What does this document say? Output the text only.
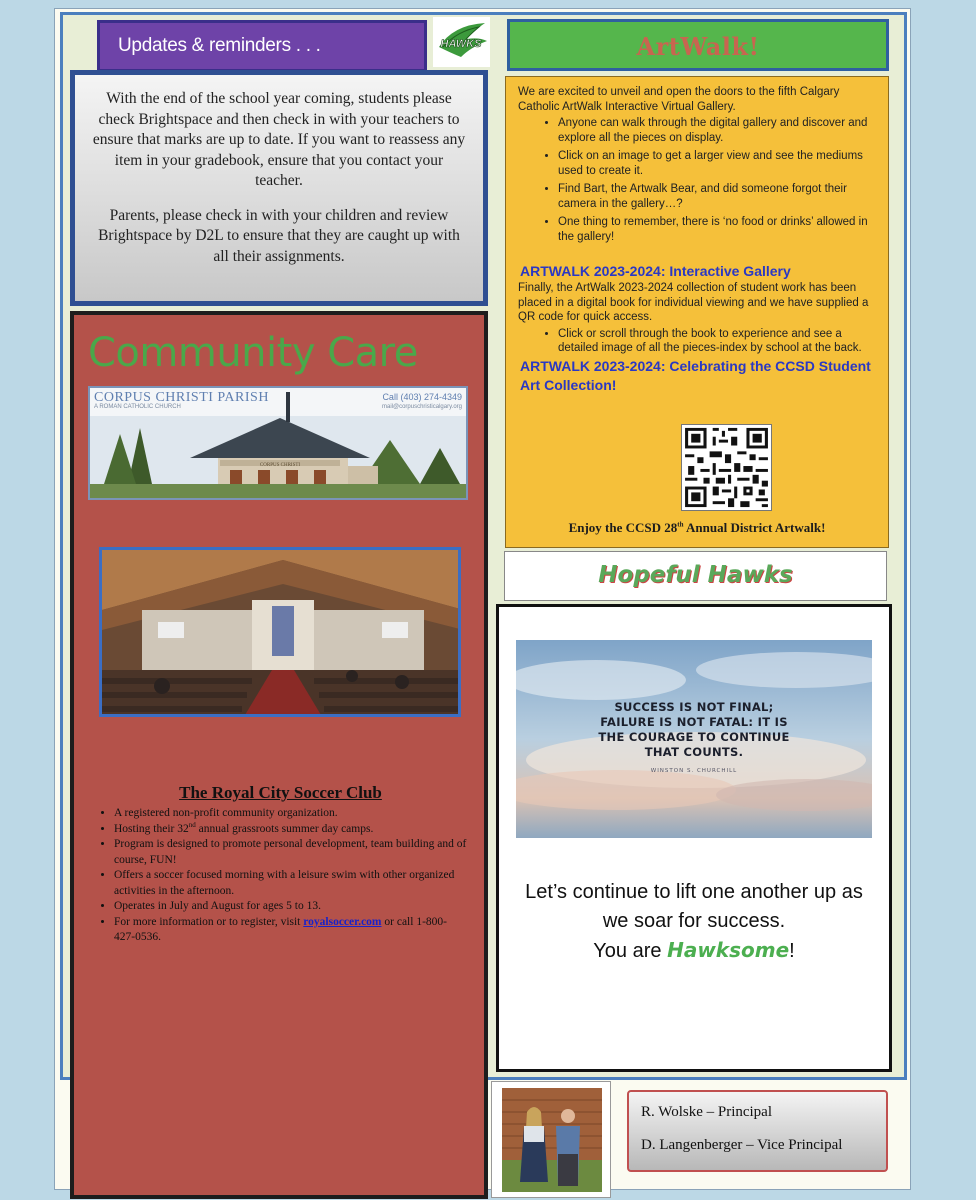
Updates & reminders . . .	HAWKS

With the end of the school year coming, students please check Brightspace and then check in with your teachers to ensure that marks are up to date. If you want to reassess any item in your gradebook, ensure that you contact your teacher.

Parents, please check in with your children and review Brightspace by D2L to ensure that they are caught up with all their assignments.

Community Care
CORPUS CHRISTI
CORPUS CHRISTI PARISH
A ROMAN CATHOLIC CHURCH
Call (403) 274-4349
mail@corpuschristicalgary.org
The Royal City Soccer Club
• A registered non-profit community organization.
• Hosting their 32nd annual grassroots summer day camps.
• Program is designed to promote personal development, team building and of course, FUN!
• Offers a soccer focused morning with a leisure swim with other organized activities in the afternoon.
• Operates in July and August for ages 5 to 13.
• For more information or to register, visit royalsoccer.com or call 1-800-427-0536.
ArtWalk!
We are excited to unveil and open the doors to the fifth Calgary Catholic ArtWalk Interactive Virtual Gallery.
• Anyone can walk through the digital gallery and discover and explore all the pieces on display.
• Click on an image to get a larger view and see the mediums used to create it.
• Find Bart, the Artwalk Bear, and did someone forgot their camera in the gallery…?
• One thing to remember, there is ‘no food or drinks’ allowed in the gallery!
ARTWALK 2023-2024: Interactive Gallery
Finally, the ArtWalk 2023-2024 collection of student work has been placed in a digital book for individual viewing and we have supplied a QR code for quick access.
• Click or scroll through the book to experience and see a detailed image of all the pieces-index by school at the back.
ARTWALK 2023-2024: Celebrating the CCSD Student Art Collection!
Enjoy the CCSD 28th Annual District Artwalk!
Hopeful Hawks
SUCCESS IS NOT FINAL; FAILURE IS NOT FATAL: IT IS THE COURAGE TO CONTINUE THAT COUNTS.
WINSTON S. CHURCHILL
Let’s continue to lift one another up as we soar for success.
You are Hawksome!
R. Wolske – Principal
D. Langenberger – Vice Principal
